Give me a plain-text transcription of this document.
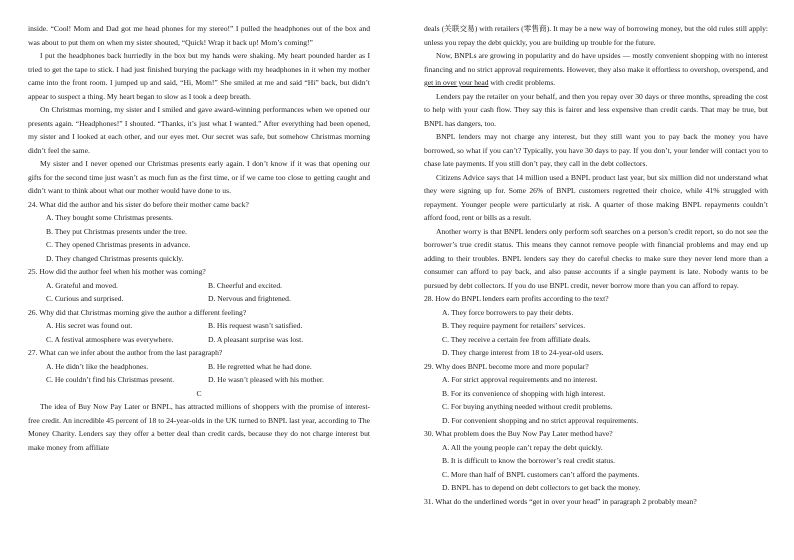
inside. “Cool! Mom and Dad got me head phones for my stereo!” I pulled the headphones out of the box and was about to put them on when my sister shouted, “Quick! Wrap it back up! Mom’s coming!”

I put the headphones back hurriedly in the box but my hands were shaking. My heart pounded harder as I tried to get the tape to stick. I had just finished burying the package with my headphones in it when my mother came into the front room. I jumped up and said, “Hi, Mom!” She smiled at me and said “Hi” back, but didn’t appear to suspect a thing. My heart began to slow as I took a deep breath.

On Christmas morning, my sister and I smiled and gave award-winning performances when we opened our presents again. “Headphones!” I shouted. “Thanks, it’s just what I wanted.” After everything had been opened, my sister and I looked at each other, and our eyes met. Our secret was safe, but somehow Christmas morning didn’t feel the same.

My sister and I never opened our Christmas presents early again. I don’t know if it was that opening our gifts for the second time just wasn’t as much fun as the first time, or if we came too close to getting caught and didn’t want to think about what our mother would have done to us.

24. What did the author and his sister do before their mother came back?

A. They bought some Christmas presents.

B. They put Christmas presents under the tree.

C. They opened Christmas presents in advance.

D. They changed Christmas presents quickly.

25. How did the author feel when his mother was coming?

A. Grateful and moved.	B. Cheerful and excited.
C. Curious and surprised.	D. Nervous and frightened.

26. Why did that Christmas morning give the author a different feeling?

A. His secret was found out.	B. His request wasn’t satisfied.
C. A festival atmosphere was everywhere.	D. A pleasant surprise was lost.

27. What can we infer about the author from the last paragraph?

A. He didn’t like the headphones.	B. He regretted what he had done.
C. He couldn’t find his Christmas present.	D. He wasn’t pleased with his mother.

C

The idea of Buy Now Pay Later or BNPL, has attracted millions of shoppers with the promise of interest-free credit. An incredible 45 percent of 18 to 24-year-olds in the UK turned to BNPL last year, according to The Money Charity. Lenders say they offer a better deal than credit cards, because they do not charge interest but make money from affiliate

deals (关联交易) with retailers (零售商). It may be a new way of borrowing money, but the old rules still apply: unless you repay the debt quickly, you are building up trouble for the future.

Now, BNPLs are growing in popularity and do have upsides — mostly convenient shopping with no interest financing and no strict approval requirements. However, they also make it effortless to overshop, overspend, and get in over your head with credit problems.

Lenders pay the retailer on your behalf, and then you repay over 30 days or three months, spreading the cost to help with your cash flow. They say this is fairer and less expensive than credit cards. That may be true, but BNPL has dangers, too.

BNPL lenders may not charge any interest, but they still want you to pay back the money you have borrowed, so what if you can’t? Typically, you have 30 days to pay. If you don’t, your lender will contact you to chase late payments. If you still don’t pay, they call in the debt collectors.

Citizens Advice says that 14 million used a BNPL product last year, but six million did not understand what they were signing up for. Some 26% of BNPL customers regretted their choice, while 41% struggled with repayment. Younger people were particularly at risk. A quarter of those making BNPL repayments couldn’t afford food, rent or bills as a result.

Another worry is that BNPL lenders only perform soft searches on a person’s credit report, so do not see the borrower’s true credit status. This means they cannot remove people with financial problems and may end up adding to their troubles. BNPL lenders say they do careful checks to make sure they never lend more than a consumer can afford to pay back, and also pause accounts if a single payment is late. Nobody wants to be pursued by debt collectors. If you do use BNPL credit, never borrow more than you can afford to repay.

28. How do BNPL lenders earn profits according to the text?

A. They force borrowers to pay their debts.

B. They require payment for retailers’ services.

C. They receive a certain fee from affiliate deals.

D. They charge interest from 18 to 24-year-old users.

29. Why does BNPL become more and more popular?

A. For strict approval requirements and no interest.

B. For its convenience of shopping with high interest.

C. For buying anything needed without credit problems.

D. For convenient shopping and no strict approval requirements.

30. What problem does the Buy Now Pay Later method have?

A. All the young people can’t repay the debt quickly.

B. It is difficult to know the borrower’s real credit status.

C. More than half of BNPL customers can’t afford the payments.

D. BNPL has to depend on debt collectors to get back the money.

31. What do the underlined words “get in over your head” in paragraph 2 probably mean?
